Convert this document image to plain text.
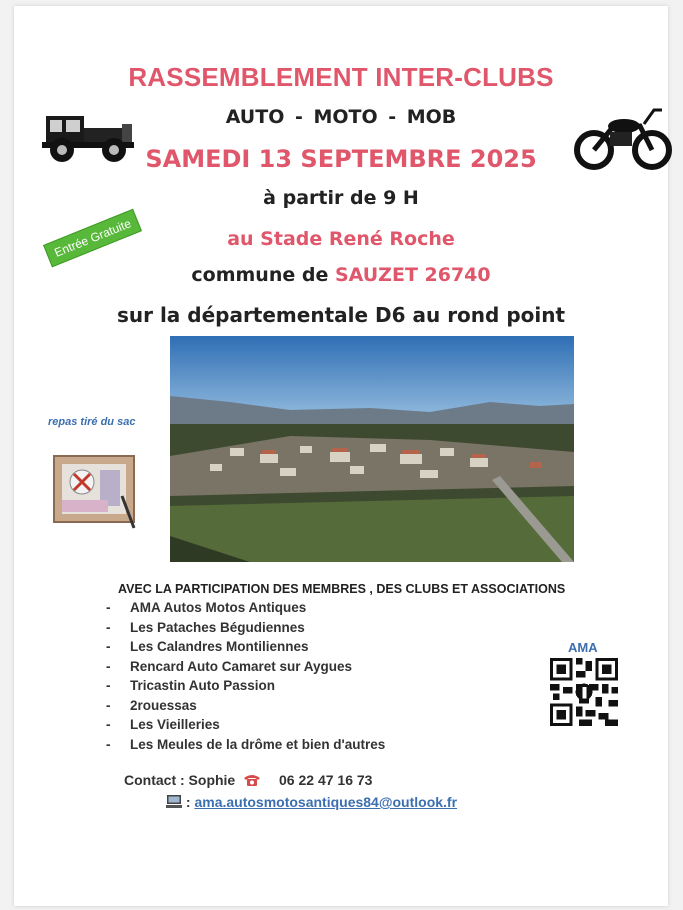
RASSEMBLEMENT INTER-CLUBS
AUTO - MOTO - MOB
SAMEDI 13 SEPTEMBRE 2025
à partir de 9 H
au Stade René Roche
commune de SAUZET 26740
sur la départementale D6 au rond point
Entrée Gratuite
repas tiré du sac
AVEC LA PARTICIPATION DES MEMBRES , DES CLUBS ET ASSOCIATIONS
- AMA Autos Motos Antiques
- Les Pataches Bégudiennes
- Les Calandres Montiliennes
- Rencard Auto Camaret sur Aygues
- Tricastin Auto Passion
- 2rouessas
- Les Vieilleries
- Les Meules de la drôme et bien d'autres
AMA
Contact : Sophie	06 22 47 16 73
: ama.autosmotosantiques84@outlook.fr
